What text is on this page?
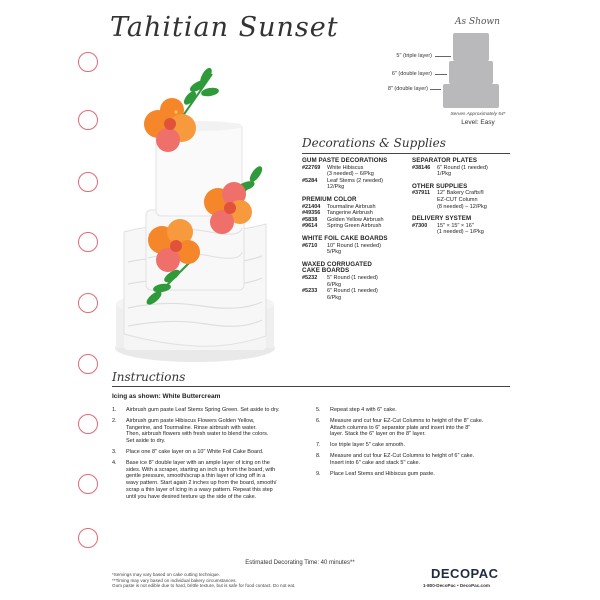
Tahitian Sunset	As Shown
5" (triple layer)
6" (double layer)
8" (double layer)
Serves Approximately 54*
Level: Easy
Decorations & Supplies
GUM PASTE DECORATIONS
#22769	White Hibiscus
(3 needed) – 6/Pkg
#5284	Leaf Stems (2 needed)
12/Pkg
PREMIUM COLOR
#21404	Tourmaline Airbrush
#49356	Tangerine Airbrush
#5838	Golden Yellow Airbrush
#9614	Spring Green Airbrush
WHITE FOIL CAKE BOARDS
#6710	10" Round (1 needed)
5/Pkg
WAXED CORRUGATED
CAKE BOARDS
#5232	5" Round (1 needed)
6/Pkg
#5233	6" Round (1 needed)
6/Pkg
SEPARATOR PLATES
#38146	6" Round (1 needed)
1/Pkg
OTHER SUPPLIES
#37911	12" Bakery Crafts®
EZ-CUT Column
(8 needed) – 12/Pkg
DELIVERY SYSTEM
#7300	15" × 15" × 16"
(1 needed) – 1/Pkg
Instructions
Icing as shown: White Buttercream
1.	Airbrush gum paste Leaf Stems Spring Green. Set aside to dry.
2.	Airbrush gum paste Hibiscus Flowers Golden Yellow,
Tangerine, and Tourmaline. Rinse airbrush with water.
Then, airbrush flowers with fresh water to blend the colors.
Set aside to dry.
3.	Place one 8" cake layer on a 10" White Foil Cake Board.
4.	Base ice 8" double layer with an ample layer of icing on the
sides. With a scraper, starting an inch up from the board, with
gentle pressure, smooth/scrap a thin layer of icing off in a
wavy pattern. Start again 2 inches up from the board, smooth/
scrap a thin layer of icing in a wavy pattern. Repeat this step
until you have desired texture up the side of the cake.
5.	Repeat step 4 with 6" cake.
6.	Measure and cut four EZ-Cut Columns to height of the 8" cake.
Attach columns to 6" separator plate and insert into the 8"
layer. Stack the 6" layer on the 8" layer.
7.	Ice triple layer 5" cake smooth.
8.	Measure and cut four EZ-Cut Columns to height of 6" cake.
Insert into 6" cake and stack 5" cake.
9.	Place Leaf Stems and Hibiscus gum paste.
Estimated Decorating Time: 40 minutes**
*Servings may vary based on cake cutting technique.
**Timing may vary based on individual bakery circumstances.
Gum paste is not edible due to hard, brittle texture, but is safe for food contact. Do not eat.
DECOPAC
1-800-DecoPac • DecoPac.com
